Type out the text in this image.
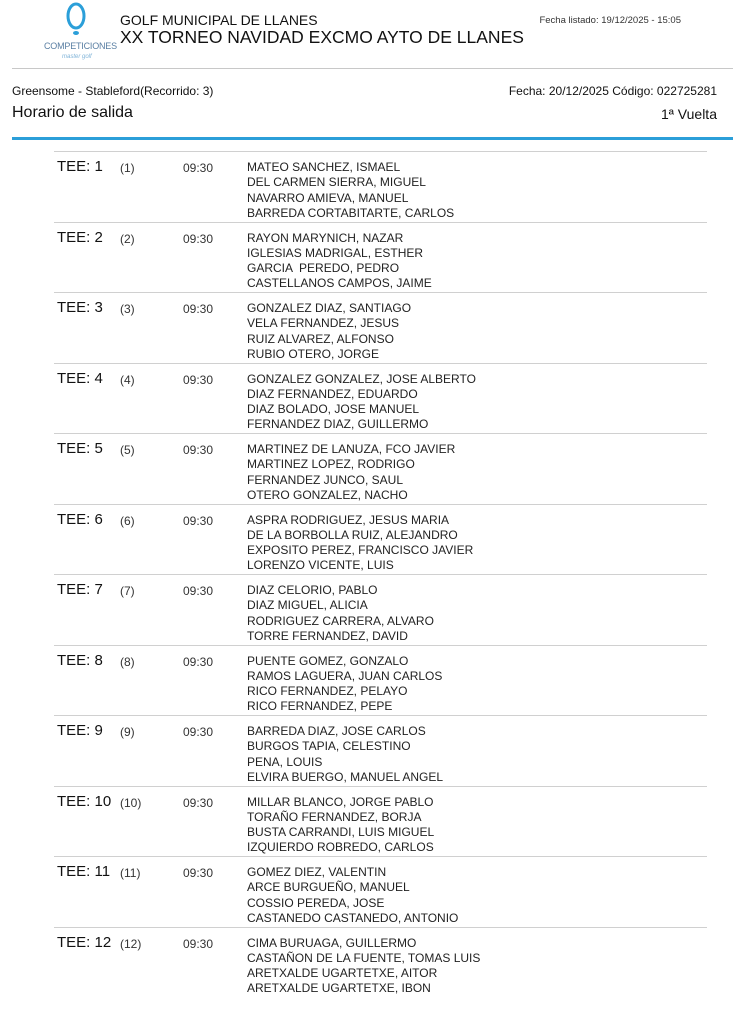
COMPETICIONES
master golf
GOLF MUNICIPAL DE LLANES
XX TORNEO NAVIDAD EXCMO AYTO DE LLANES
Fecha listado: 19/12/2025 - 15:05
Greensome - Stableford(Recorrido: 3)	Fecha: 20/12/2025 Código: 022725281
Horario de salida	1ª Vuelta
TEE: 1 (1)	09:30	MATEO SANCHEZ, ISMAEL
DEL CARMEN SIERRA, MIGUEL
NAVARRO AMIEVA, MANUEL
BARREDA CORTABITARTE, CARLOS
TEE: 2 (2)	09:30	RAYON MARYNICH, NAZAR
IGLESIAS MADRIGAL, ESTHER
GARCIA  PEREDO, PEDRO
CASTELLANOS CAMPOS, JAIME
TEE: 3 (3)	09:30	GONZALEZ DIAZ, SANTIAGO
VELA FERNANDEZ, JESUS
RUIZ ALVAREZ, ALFONSO
RUBIO OTERO, JORGE
TEE: 4 (4)	09:30	GONZALEZ GONZALEZ, JOSE ALBERTO
DIAZ FERNANDEZ, EDUARDO
DIAZ BOLADO, JOSE MANUEL
FERNANDEZ DIAZ, GUILLERMO
TEE: 5 (5)	09:30	MARTINEZ DE LANUZA, FCO JAVIER
MARTINEZ LOPEZ, RODRIGO
FERNANDEZ JUNCO, SAUL
OTERO GONZALEZ, NACHO
TEE: 6 (6)	09:30	ASPRA RODRIGUEZ, JESUS MARIA
DE LA BORBOLLA RUIZ, ALEJANDRO
EXPOSITO PEREZ, FRANCISCO JAVIER
LORENZO VICENTE, LUIS
TEE: 7 (7)	09:30	DIAZ CELORIO, PABLO
DIAZ MIGUEL, ALICIA
RODRIGUEZ CARRERA, ALVARO
TORRE FERNANDEZ, DAVID
TEE: 8 (8)	09:30	PUENTE GOMEZ, GONZALO
RAMOS LAGUERA, JUAN CARLOS
RICO FERNANDEZ, PELAYO
RICO FERNANDEZ, PEPE
TEE: 9 (9)	09:30	BARREDA DIAZ, JOSE CARLOS
BURGOS TAPIA, CELESTINO
PENA, LOUIS
ELVIRA BUERGO, MANUEL ANGEL
TEE: 10 (10)	09:30	MILLAR BLANCO, JORGE PABLO
TORAÑO FERNANDEZ, BORJA
BUSTA CARRANDI, LUIS MIGUEL
IZQUIERDO ROBREDO, CARLOS
TEE: 11 (11)	09:30	GOMEZ DIEZ, VALENTIN
ARCE BURGUEÑO, MANUEL
COSSIO PEREDA, JOSE
CASTANEDO CASTANEDO, ANTONIO
TEE: 12 (12)	09:30	CIMA BURUAGA, GUILLERMO
CASTAÑON DE LA FUENTE, TOMAS LUIS
ARETXALDE UGARTETXE, AITOR
ARETXALDE UGARTETXE, IBON
